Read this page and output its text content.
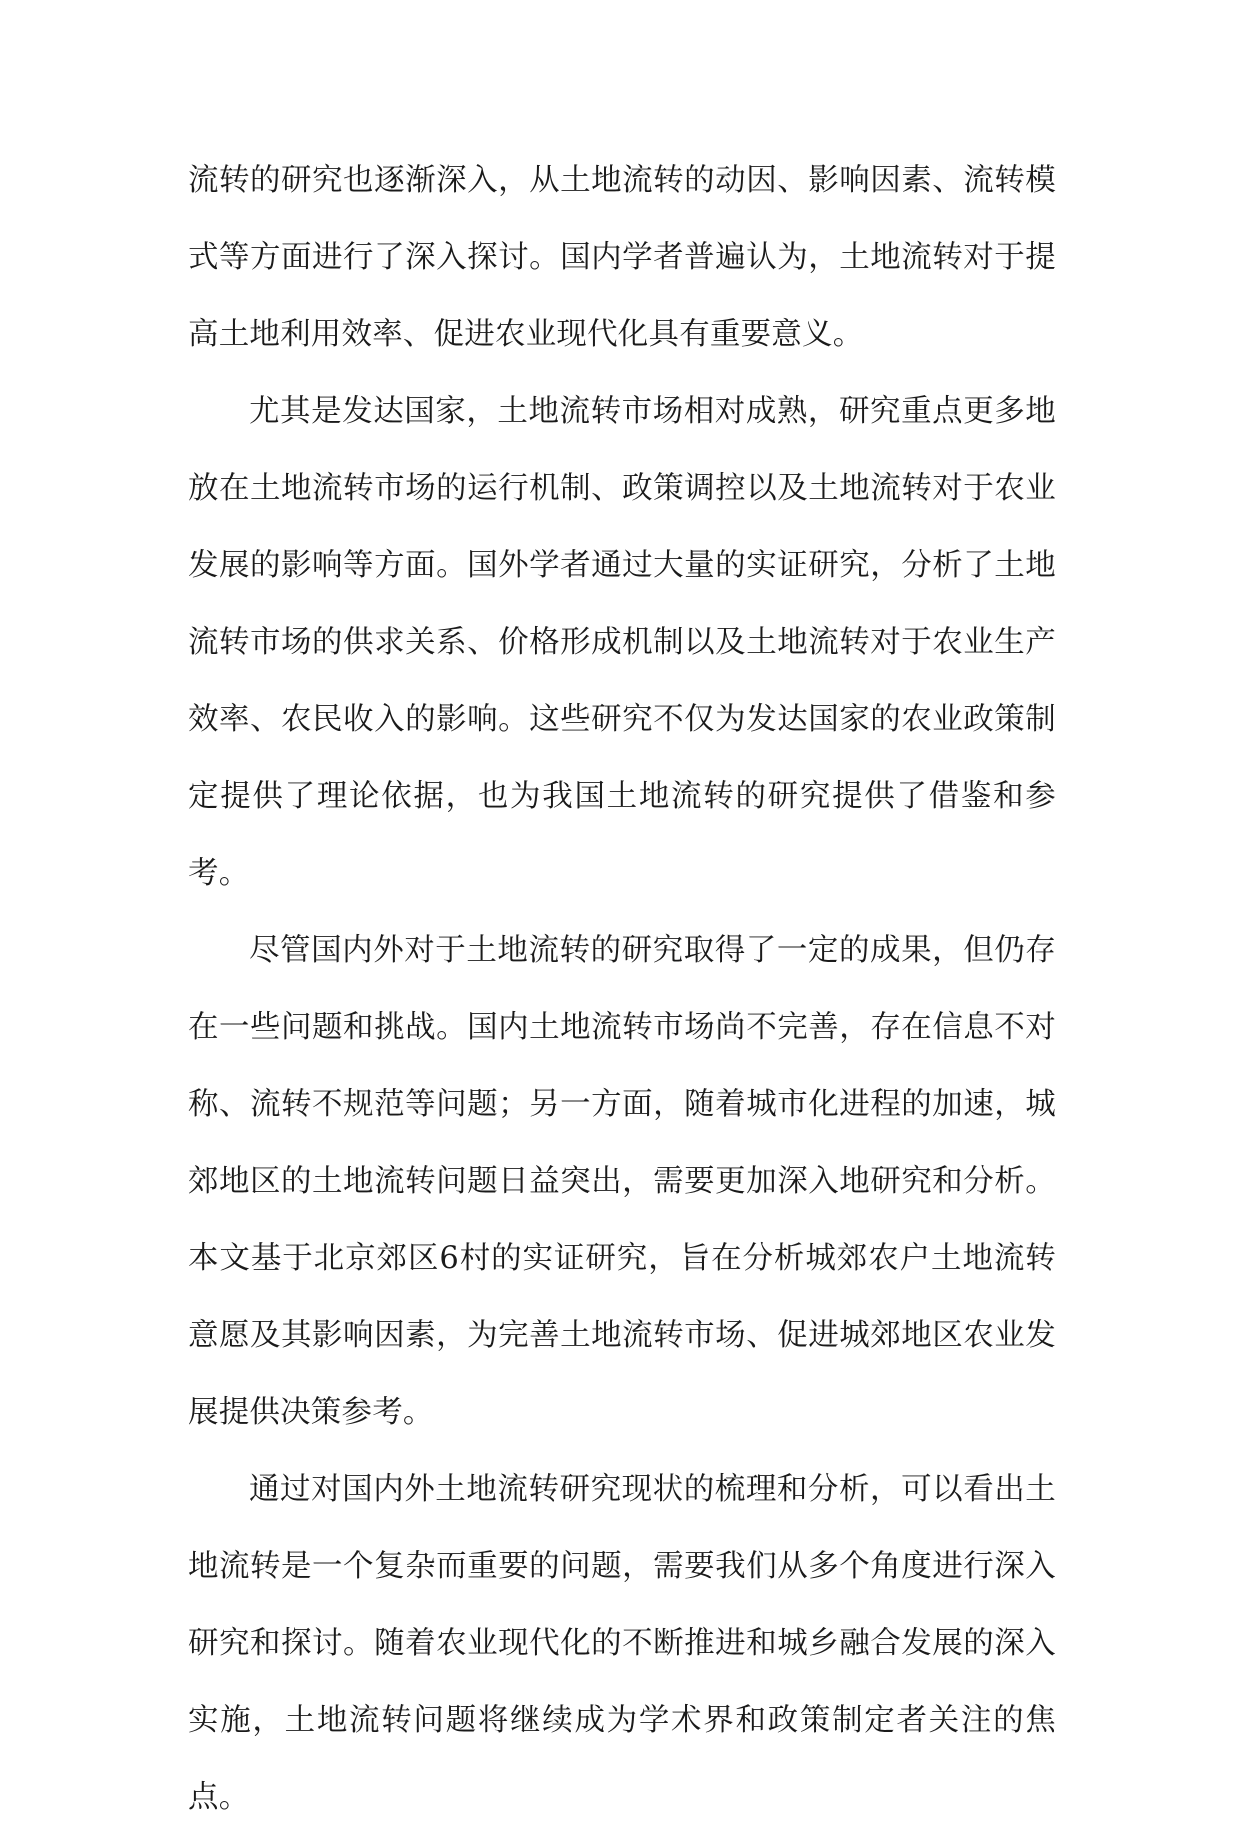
流转的研究也逐渐深入，从土地流转的动因、影响因素、流转模式等方面进行了深入探讨。国内学者普遍认为，土地流转对于提高土地利用效率、促进农业现代化具有重要意义。

尤其是发达国家，土地流转市场相对成熟，研究重点更多地放在土地流转市场的运行机制、政策调控以及土地流转对于农业发展的影响等方面。国外学者通过大量的实证研究，分析了土地流转市场的供求关系、价格形成机制以及土地流转对于农业生产效率、农民收入的影响。这些研究不仅为发达国家的农业政策制定提供了理论依据，也为我国土地流转的研究提供了借鉴和参考。

尽管国内外对于土地流转的研究取得了一定的成果，但仍存在一些问题和挑战。国内土地流转市场尚不完善，存在信息不对称、流转不规范等问题；另一方面，随着城市化进程的加速，城郊地区的土地流转问题日益突出，需要更加深入地研究和分析。本文基于北京郊区6村的实证研究，旨在分析城郊农户土地流转意愿及其影响因素，为完善土地流转市场、促进城郊地区农业发展提供决策参考。

通过对国内外土地流转研究现状的梳理和分析，可以看出土地流转是一个复杂而重要的问题，需要我们从多个角度进行深入研究和探讨。随着农业现代化的不断推进和城乡融合发展的深入实施，土地流转问题将继续成为学术界和政策制定者关注的焦点。
